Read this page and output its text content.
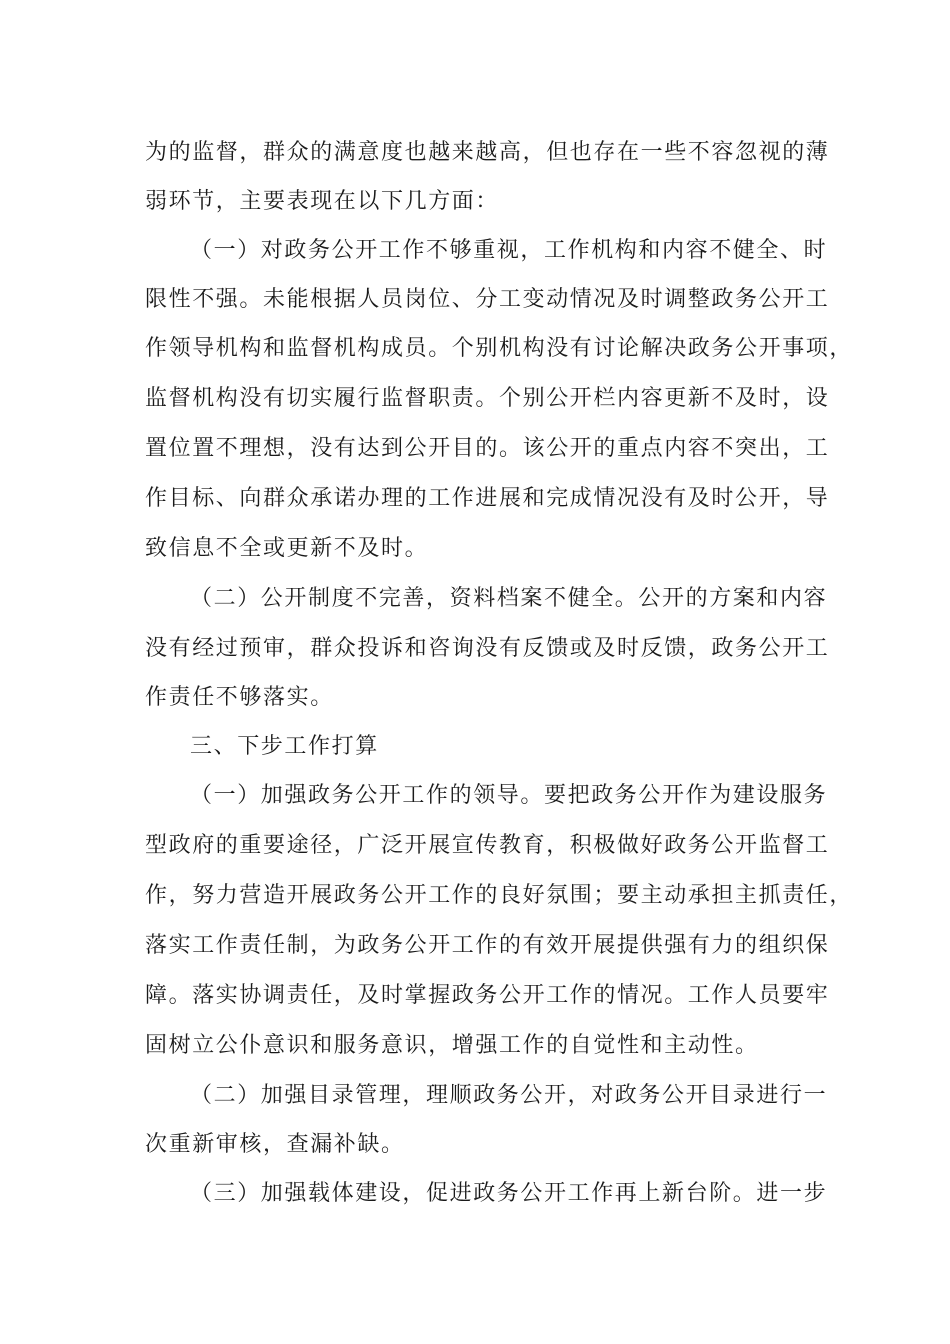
为的监督，群众的满意度也越来越高，但也存在一些不容忽视的薄
弱环节，主要表现在以下几方面：
（一）对政务公开工作不够重视，工作机构和内容不健全、时
限性不强。未能根据人员岗位、分工变动情况及时调整政务公开工
作领导机构和监督机构成员。个别机构没有讨论解决政务公开事项，
监督机构没有切实履行监督职责。个别公开栏内容更新不及时，设
置位置不理想，没有达到公开目的。该公开的重点内容不突出，工
作目标、向群众承诺办理的工作进展和完成情况没有及时公开，导
致信息不全或更新不及时。
（二）公开制度不完善，资料档案不健全。公开的方案和内容
没有经过预审，群众投诉和咨询没有反馈或及时反馈，政务公开工
作责任不够落实。
三、下步工作打算
（一）加强政务公开工作的领导。要把政务公开作为建设服务
型政府的重要途径，广泛开展宣传教育，积极做好政务公开监督工
作，努力营造开展政务公开工作的良好氛围；要主动承担主抓责任，
落实工作责任制，为政务公开工作的有效开展提供强有力的组织保
障。落实协调责任，及时掌握政务公开工作的情况。工作人员要牢
固树立公仆意识和服务意识，增强工作的自觉性和主动性。
（二）加强目录管理，理顺政务公开，对政务公开目录进行一
次重新审核，查漏补缺。
（三）加强载体建设，促进政务公开工作再上新台阶。进一步
